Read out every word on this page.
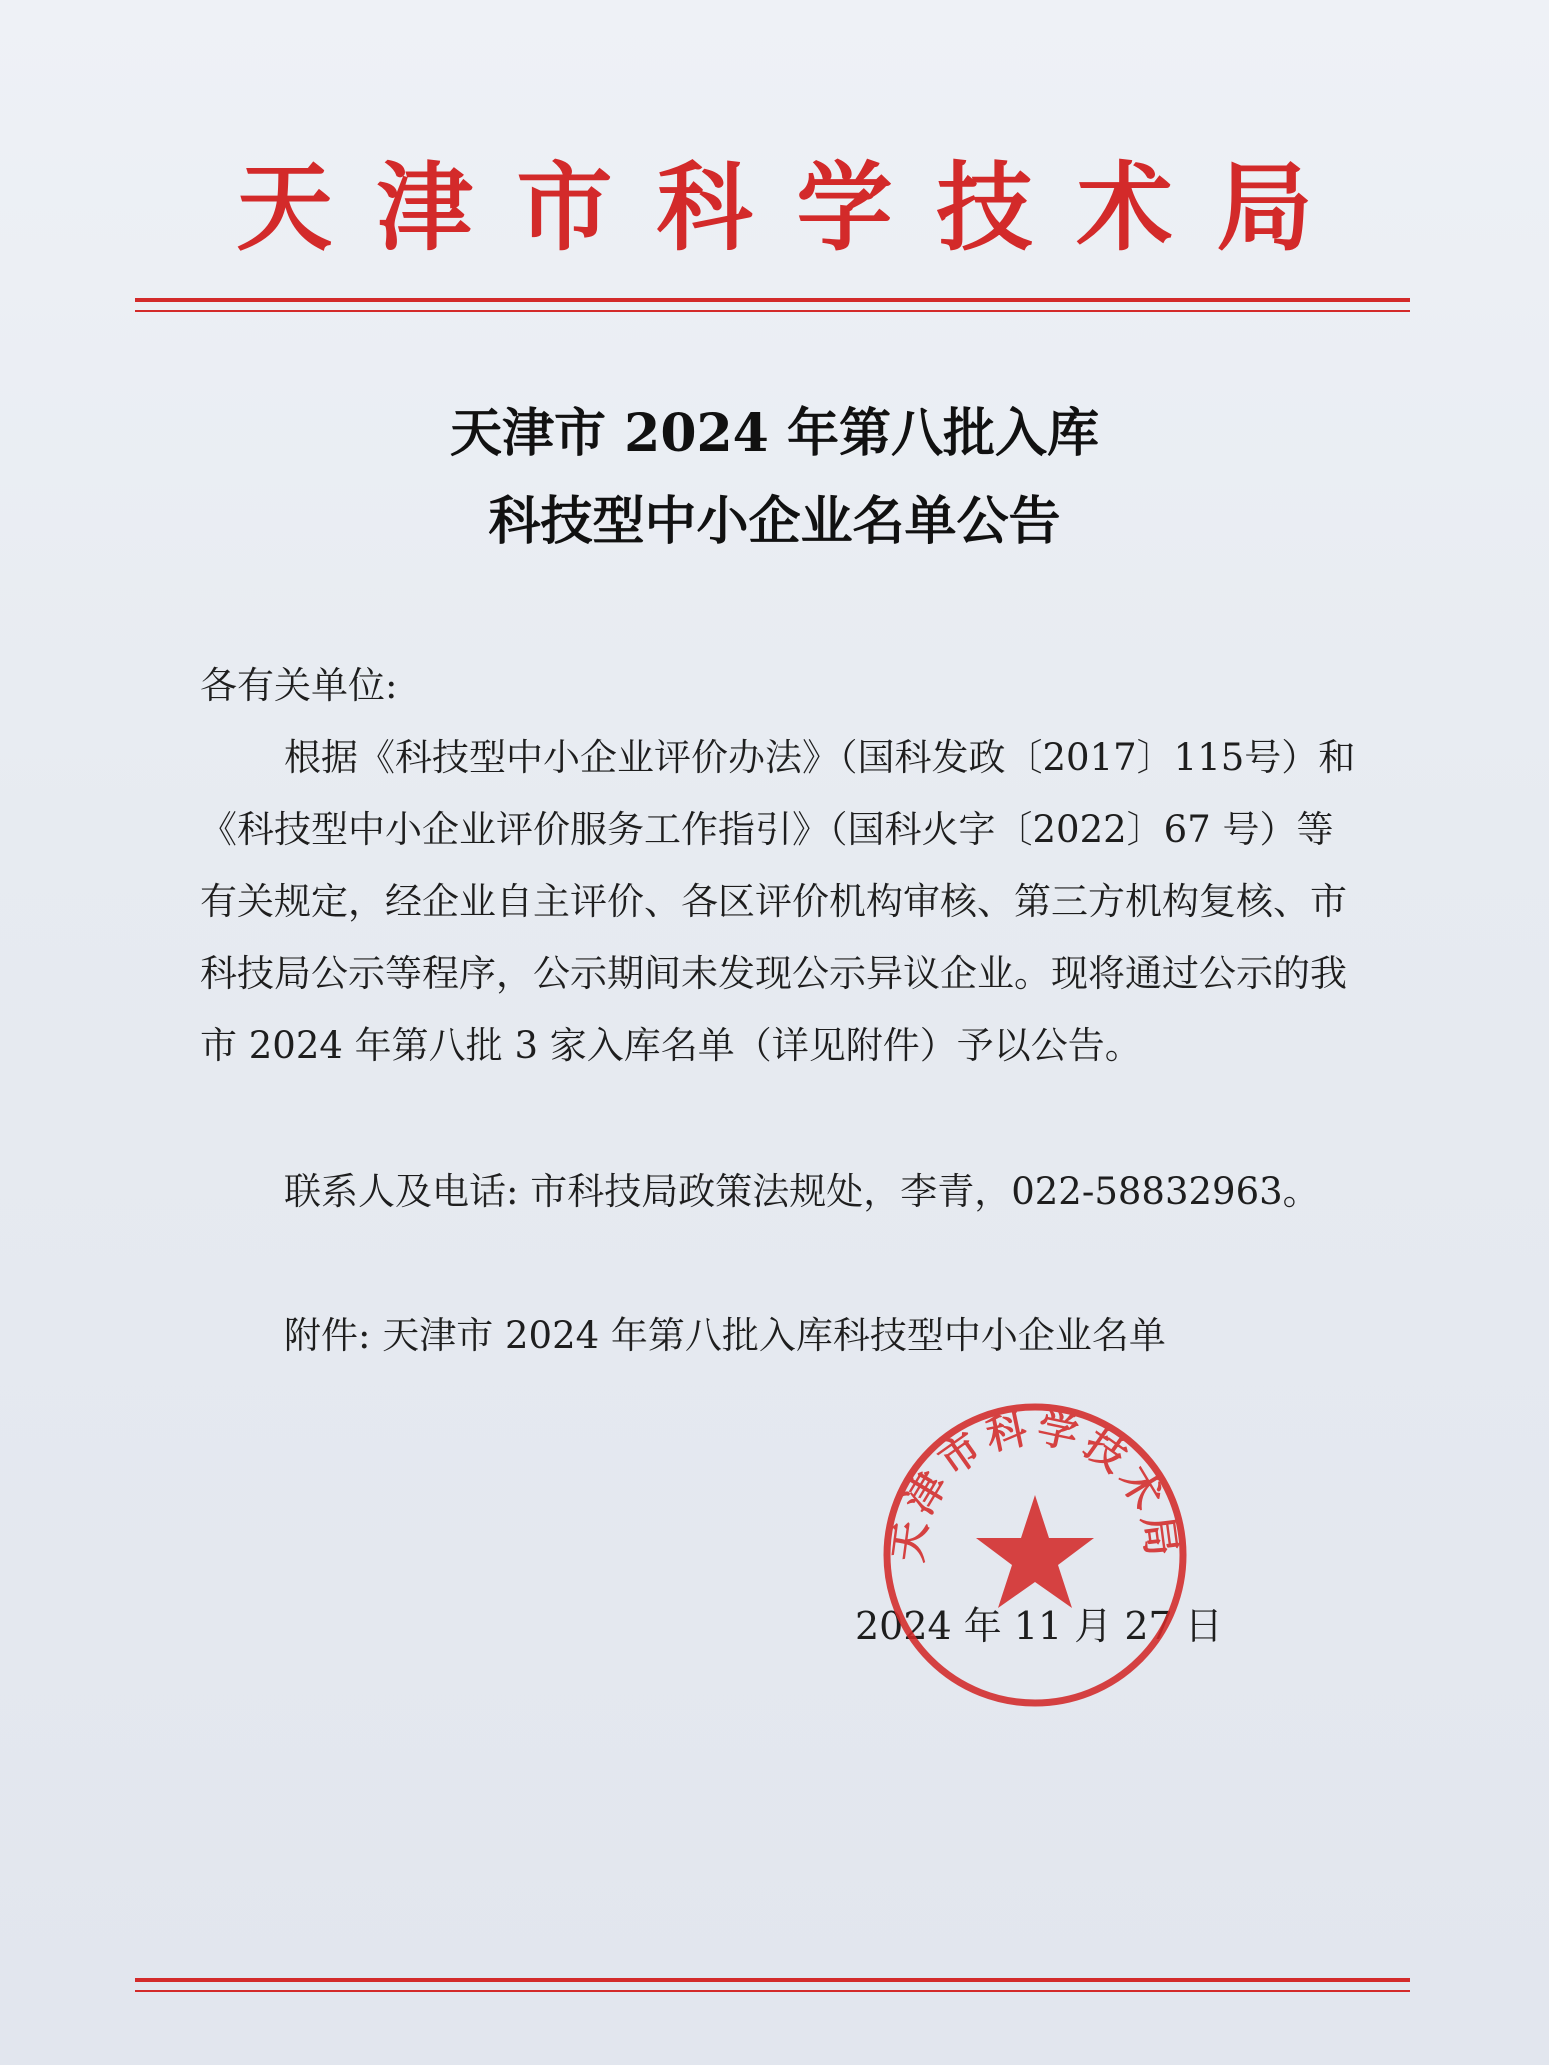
天津市科学技术局
天津市 2024 年第八批入库
科技型中小企业名单公告
各有关单位:
根据《科技型中小企业评价办法》（国科发政〔2017〕115号）和《科技型中小企业评价服务工作指引》（国科火字〔2022〕67 号）等有关规定，经企业自主评价、各区评价机构审核、第三方机构复核、市科技局公示等程序，公示期间未发现公示异议企业。现将通过公示的我市 2024 年第八批 3 家入库名单（详见附件）予以公告。
联系人及电话: 市科技局政策法规处，李青，022-58832963。
附件: 天津市 2024 年第八批入库科技型中小企业名单
2024 年 11 月 27 日
天津市科学技术局
